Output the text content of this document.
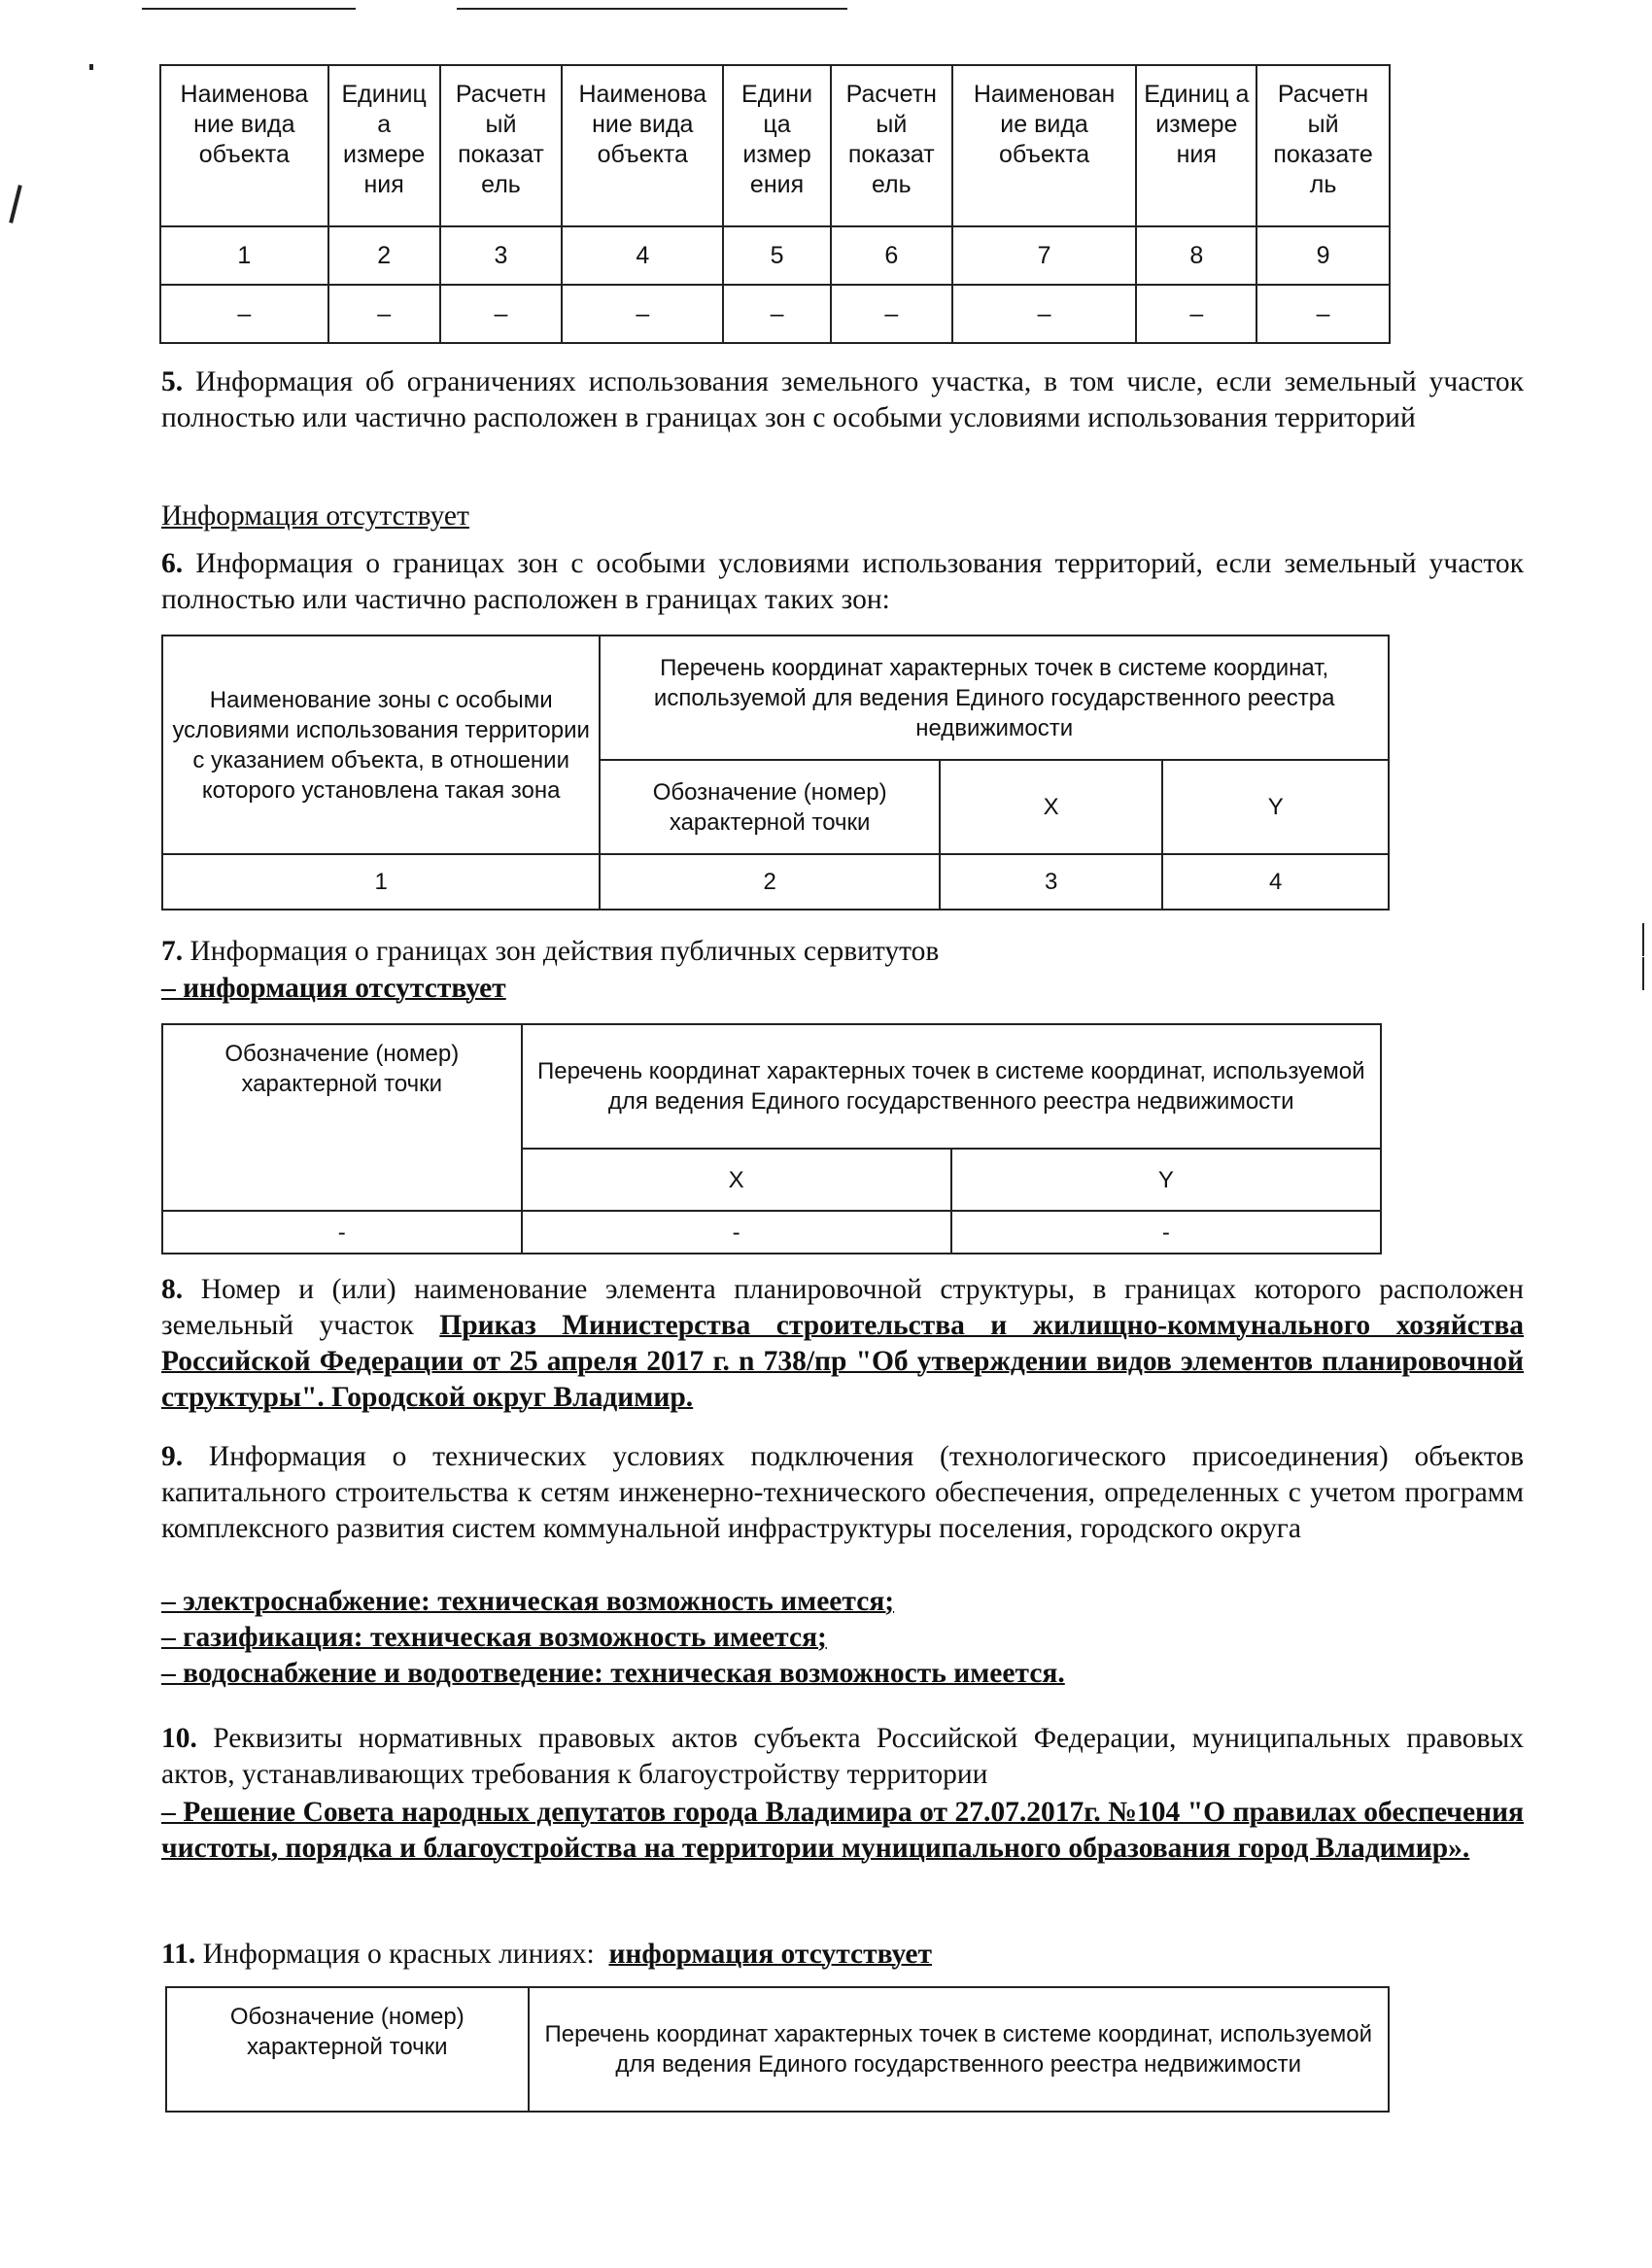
Наименова ние вида объекта	Единиц а измере ния	Расчетн ый показат ель	Наименова ние вида объекта	Едини ца измер ения	Расчетн ый показат ель	Наименован ие вида объекта	Единиц а измере ния	Расчетн ый показате ль
1	2	3	4	5	6	7	8	9
–	–	–	–	–	–	–	–	–
5. Информация об ограничениях использования земельного участка, в том числе, если земельный участок полностью или частично расположен в границах зон с особыми условиями использования территорий
Информация отсутствует
6. Информация о границах зон с особыми условиями использования территорий, если земельный участок полностью или частично расположен в границах таких зон:
Наименование зоны с особыми условиями использования территории с указанием объекта, в отношении которого установлена такая зона	Перечень координат характерных точек в системе координат, используемой для ведения Единого государственного реестра недвижимости		
	Обозначение (номер) характерной точки	X	Y
1	2	3	4
7. Информация о границах зон действия публичных сервитутов
– информация отсутствует
Обозначение (номер) характерной точки	Перечень координат характерных точек в системе координат, используемой для ведения Единого государственного реестра недвижимости	
	X	Y
-	-	-
8. Номер и (или) наименование элемента планировочной структуры, в границах которого расположен земельный участок Приказ Министерства строительства и жилищно-коммунального хозяйства Российской Федерации от 25 апреля 2017 г. n 738/пр "Об утверждении видов элементов планировочной структуры". Городской округ Владимир.
9. Информация о технических условиях подключения (технологического присоединения) объектов капитального строительства к сетям инженерно-технического обеспечения, определенных с учетом программ комплексного развития систем коммунальной инфраструктуры поселения, городского округа
– электроснабжение: техническая возможность имеется;
– газификация: техническая возможность имеется;
– водоснабжение и водоотведение: техническая возможность имеется.
10. Реквизиты нормативных правовых актов субъекта Российской Федерации, муниципальных правовых актов, устанавливающих требования к благоустройству территории
– Решение Совета народных депутатов города Владимира от 27.07.2017г. №104 "О правилах обеспечения чистоты, порядка и благоустройства на территории муниципального образования город Владимир».
11. Информация о красных линиях: информация отсутствует
Обозначение (номер) характерной точки	Перечень координат характерных точек в системе координат, используемой для ведения Единого государственного реестра недвижимости
